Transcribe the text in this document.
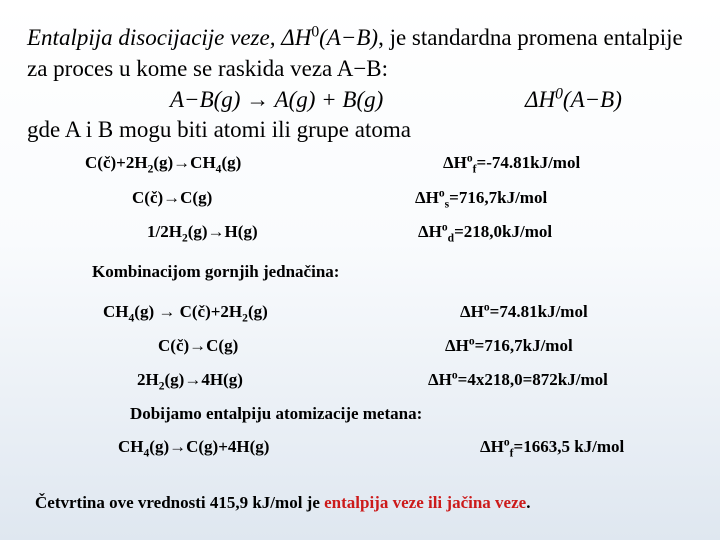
Entalpija disocijacije veze, $\Delta H^0(A-B)$, je standardna promena entalpije
za proces u kome se raskida veza A−B:
A−B(g) → A(g) + B(g)	$\Delta H^0(A-B)$
gde A i B mogu biti atomi ili grupe atoma
$C(č)+2H_2(g)\to CH_4(g)$	$\Delta H^o_f=-74.81kJ$/mol
C(č)→C(g)	$\Delta H^o_s=716,7kJ$/mol
$1/2H_2(g)\to H(g)$	$\Delta H^o_d=218,0kJ$/mol
Kombinacijom gornjih jednačina:
$CH_4(g)$ → $C(č)+2H_2(g)$	$\Delta H^o=74.81kJ$/mol
C(č)→C(g)	$\Delta H^o=716,7kJ$/mol
$2H_2(g)\to 4H(g)$	$\Delta H^o=4x218,0=872kJ$/mol
Dobijamo entalpiju atomizacije metana:
$CH_4(g)\to C(g)+4H(g)$	$\Delta H^o_f=1663,5$ kJ/mol
Četvrtina ove vrednosti 415,9 kJ/mol je entalpija veze ili jačina veze.
